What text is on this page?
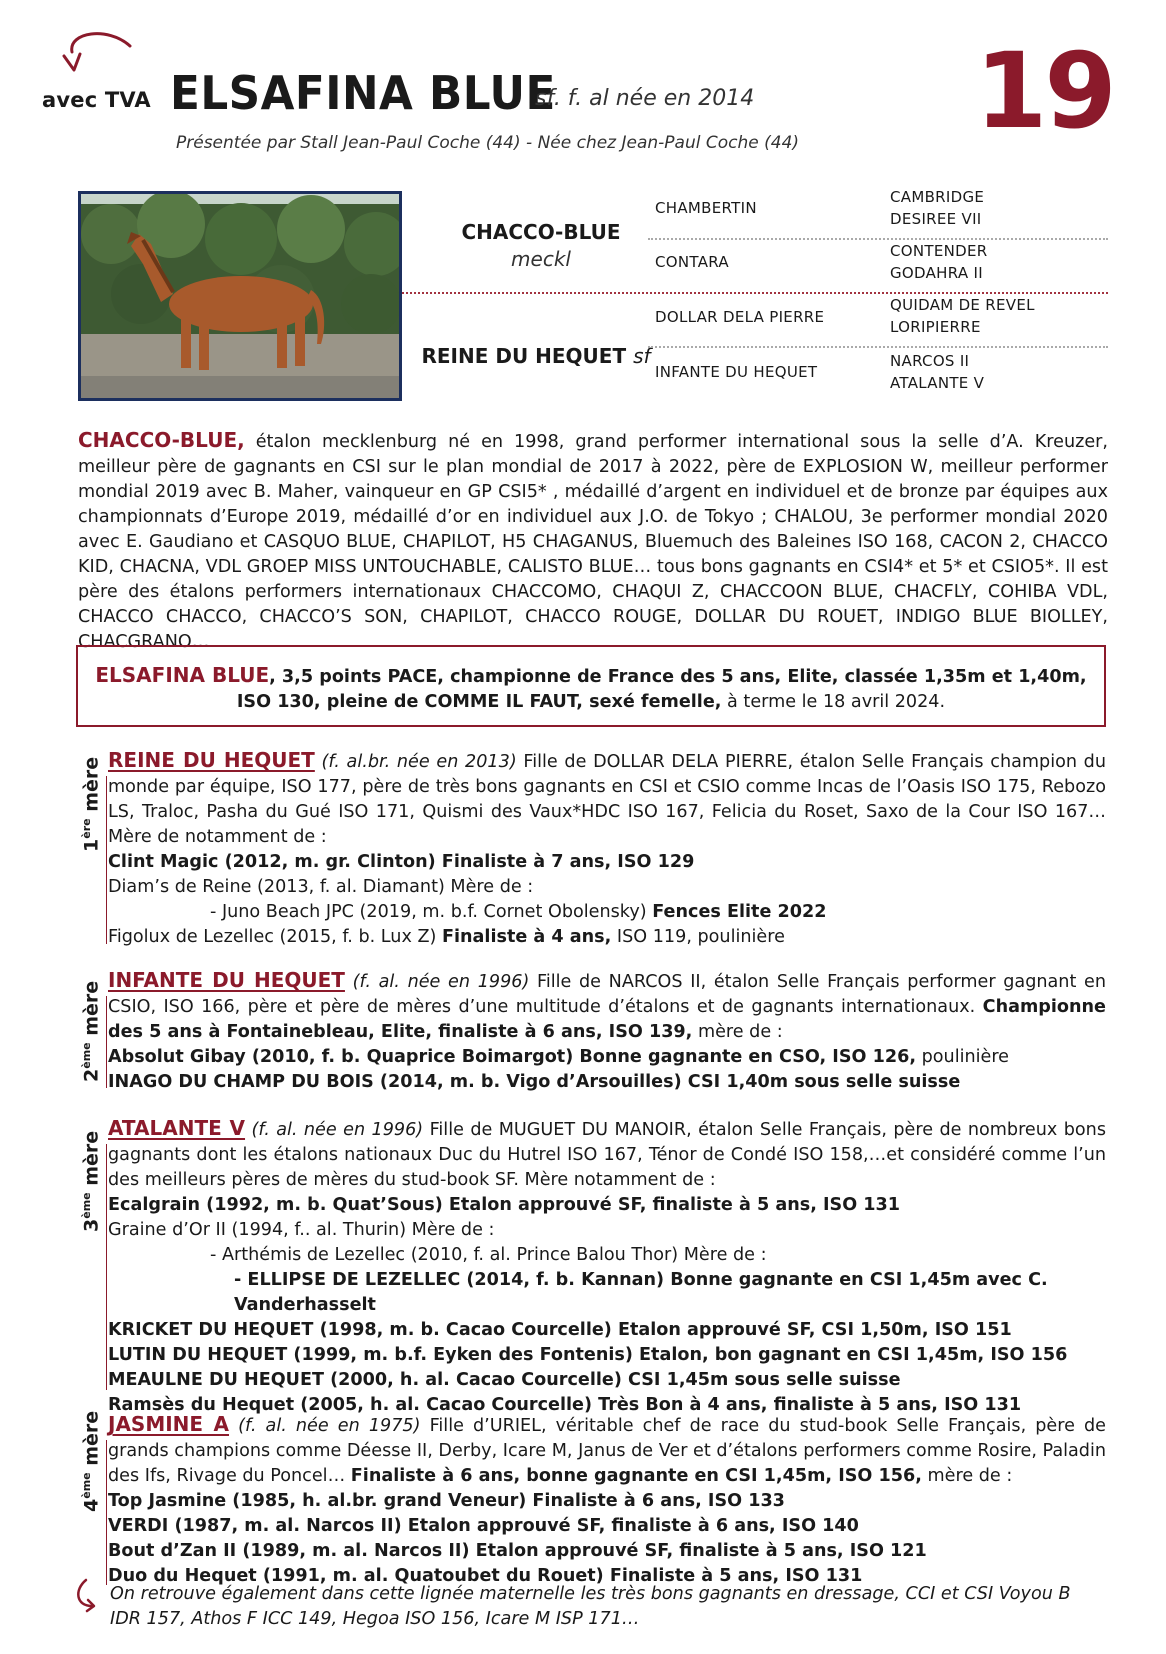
avec TVA ELSAFINA BLUE
sf. f. al née en 2014 19
Présentée par Stall Jean-Paul Coche (44) - Née chez Jean-Paul Coche (44)
CHACCO-BLUE
meckl
REINE DU HEQUET sf
CHAMBERTIN
CONTARA
DOLLAR DELA PIERRE
INFANTE DU HEQUET
CAMBRIDGE
DESIREE VII
CONTENDER
GODAHRA II
QUIDAM DE REVEL
LORIPIERRE
NARCOS II
ATALANTE V
CHACCO-BLUE, étalon mecklenburg né en 1998, grand performer international sous la selle d’A. Kreuzer, meilleur père de gagnants en CSI sur le plan mondial de 2017 à 2022, père de EXPLOSION W, meilleur performer mondial 2019 avec B. Maher, vainqueur en GP CSI5* , médaillé d’argent en individuel et de bronze par équipes aux championnats d’Europe 2019, médaillé d’or en individuel aux J.O. de Tokyo ; CHALOU, 3e performer mondial 2020 avec E. Gaudiano et CASQUO BLUE, CHAPILOT, H5 CHAGANUS, Bluemuch des Baleines ISO 168, CACON 2, CHACCO KID, CHACNA, VDL GROEP MISS UNTOUCHABLE, CALISTO BLUE… tous bons gagnants en CSI4* et 5* et CSIO5*. Il est père des étalons performers internationaux CHACCOMO, CHAQUI Z, CHACCOON BLUE, CHACFLY, COHIBA VDL, CHACCO CHACCO, CHACCO’S SON, CHAPILOT, CHACCO ROUGE, DOLLAR DU ROUET, INDIGO BLUE BIOLLEY, CHACGRANO…
ELSAFINA BLUE, 3,5 points PACE, championne de France des 5 ans, Elite, classée 1,35m et 1,40m, ISO 130, pleine de COMME IL FAUT, sexé femelle, à terme le 18 avril 2024.
1ère mère REINE DU HEQUET (f. al.br. née en 2013) Fille de DOLLAR DELA PIERRE, étalon Selle Français champion du monde par équipe, ISO 177, père de très bons gagnants en CSI et CSIO comme Incas de l’Oasis ISO 175, Rebozo LS, Traloc, Pasha du Gué ISO 171, Quismi des Vaux*HDC ISO 167, Felicia du Roset, Saxo de la Cour ISO 167… Mère de notamment de :
Clint Magic (2012, m. gr. Clinton) Finaliste à 7 ans, ISO 129
Diam’s de Reine (2013, f. al. Diamant) Mère de :
- Juno Beach JPC (2019, m. b.f. Cornet Obolensky) Fences Elite 2022
Figolux de Lezellec (2015, f. b. Lux Z) Finaliste à 4 ans, ISO 119, poulinière
2ème mère
INFANTE DU HEQUET (f. al. née en 1996) Fille de NARCOS II, étalon Selle Français performer gagnant en CSIO, ISO 166, père et père de mères d’une multitude d’étalons et de gagnants internationaux. Championne des 5 ans à Fontainebleau, Elite, finaliste à 6 ans, ISO 139, mère de :
Absolut Gibay (2010, f. b. Quaprice Boimargot) Bonne gagnante en CSO, ISO 126, poulinière
INAGO DU CHAMP DU BOIS (2014, m. b. Vigo d’Arsouilles) CSI 1,40m sous selle suisse
3ème mère
ATALANTE V (f. al. née en 1996) Fille de MUGUET DU MANOIR, étalon Selle Français, père de nombreux bons gagnants dont les étalons nationaux Duc du Hutrel ISO 167, Ténor de Condé ISO 158,…et considéré comme l’un des meilleurs pères de mères du stud-book SF. Mère notamment de :
Ecalgrain (1992, m. b. Quat’Sous) Etalon approuvé SF, finaliste à 5 ans, ISO 131
Graine d’Or II (1994, f.. al. Thurin) Mère de :
- Arthémis de Lezellec (2010, f. al. Prince Balou Thor) Mère de :
- ELLIPSE DE LEZELLEC (2014, f. b. Kannan) Bonne gagnante en CSI 1,45m avec C. Vanderhasselt
KRICKET DU HEQUET (1998, m. b. Cacao Courcelle) Etalon approuvé SF, CSI 1,50m, ISO 151
LUTIN DU HEQUET (1999, m. b.f. Eyken des Fontenis) Etalon, bon gagnant en CSI 1,45m, ISO 156
MEAULNE DU HEQUET (2000, h. al. Cacao Courcelle) CSI 1,45m sous selle suisse
Ramsès du Hequet (2005, h. al. Cacao Courcelle) Très Bon à 4 ans, finaliste à 5 ans, ISO 131
4ème mère JASMINE A (f. al. née en 1975) Fille d’URIEL, véritable chef de race du stud-book Selle Français, père de grands champions comme Déesse II, Derby, Icare M, Janus de Ver et d’étalons performers comme Rosire, Paladin des Ifs, Rivage du Poncel… Finaliste à 6 ans, bonne gagnante en CSI 1,45m, ISO 156, mère de :
Top Jasmine (1985, h. al.br. grand Veneur) Finaliste à 6 ans, ISO 133
VERDI (1987, m. al. Narcos II) Etalon approuvé SF, finaliste à 6 ans, ISO 140
Bout d’Zan II (1989, m. al. Narcos II) Etalon approuvé SF, finaliste à 5 ans, ISO 121
Duo du Hequet (1991, m. al. Quatoubet du Rouet) Finaliste à 5 ans, ISO 131
On retrouve également dans cette lignée maternelle les très bons gagnants en dressage, CCI et CSI Voyou B IDR 157, Athos F ICC 149, Hegoa ISO 156, Icare M ISP 171…
